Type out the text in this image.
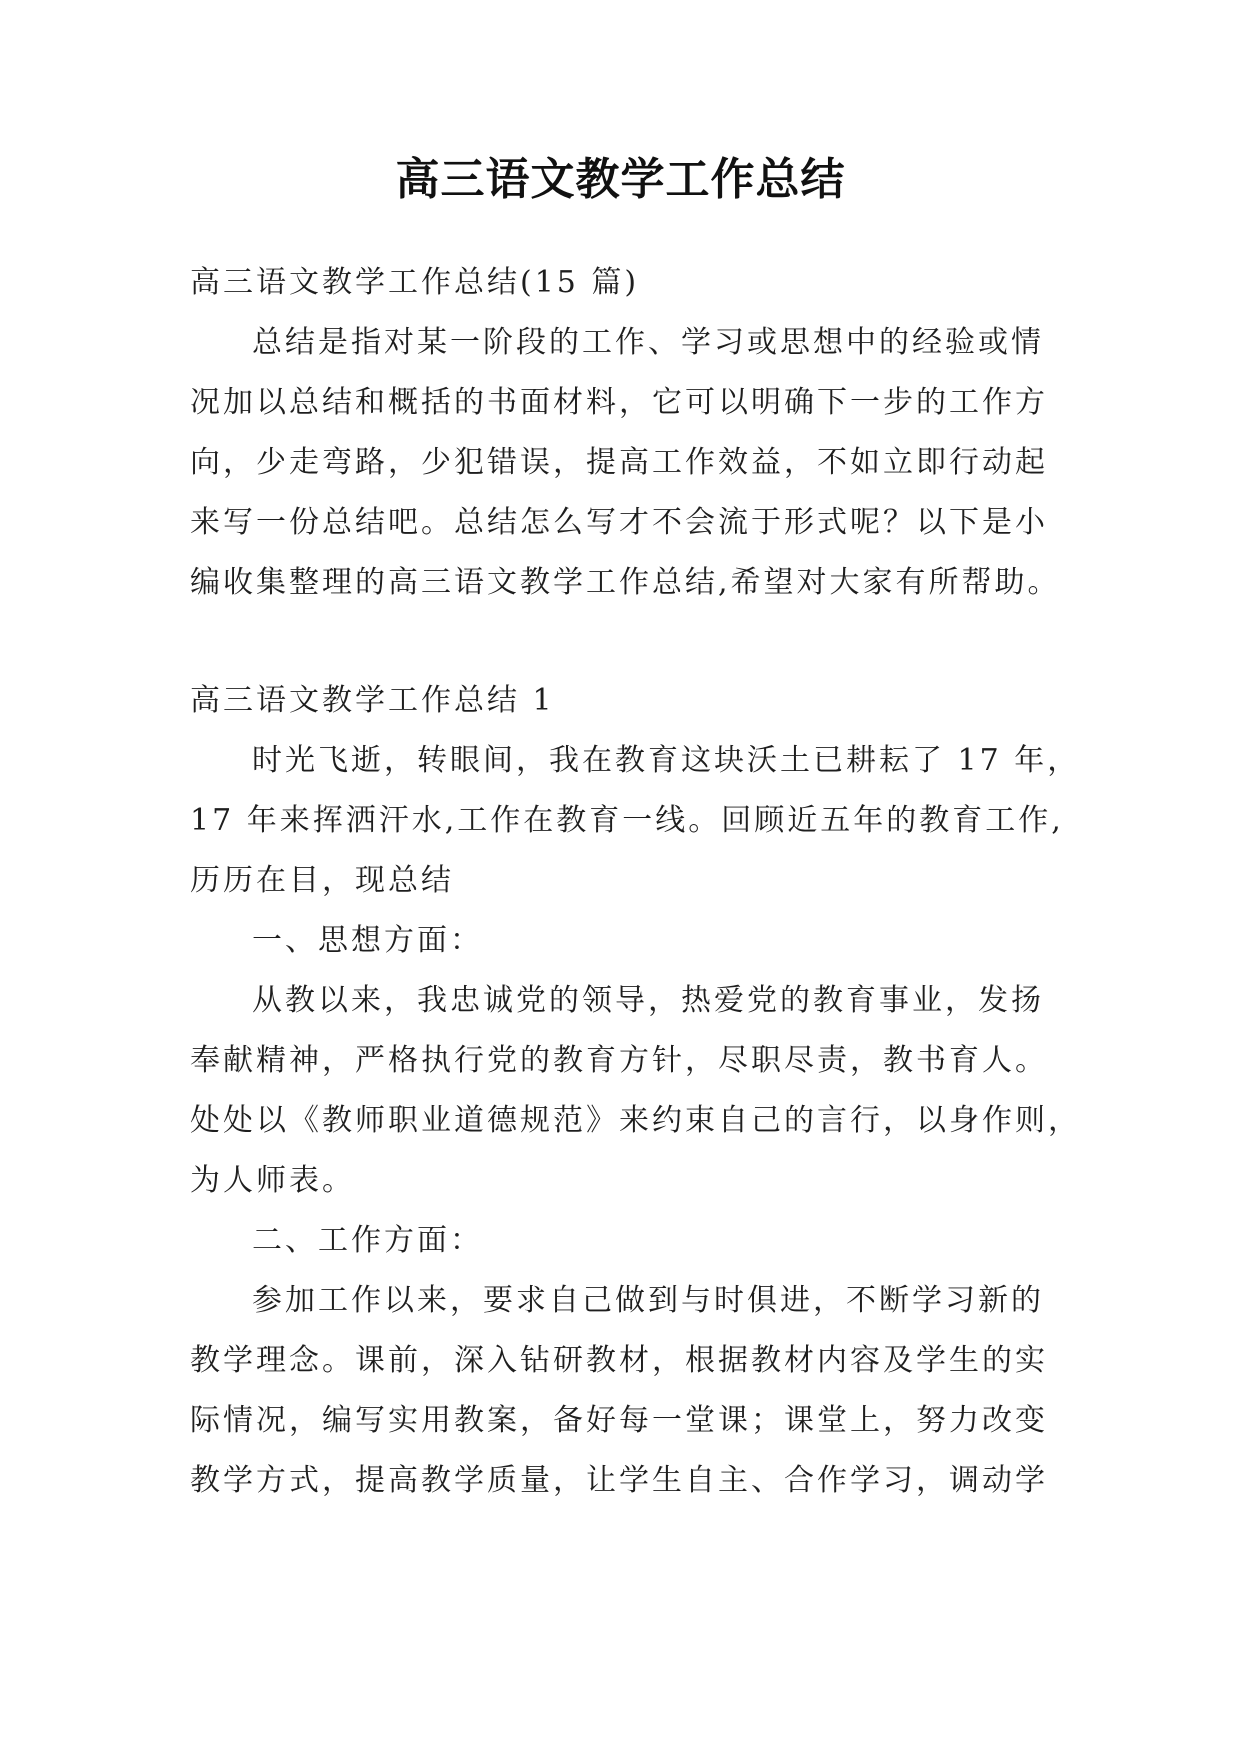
高三语文教学工作总结
高三语文教学工作总结(15 篇)
总结是指对某一阶段的工作、学习或思想中的经验或情
况加以总结和概括的书面材料，它可以明确下一步的工作方
向，少走弯路，少犯错误，提高工作效益，不如立即行动起
来写一份总结吧。总结怎么写才不会流于形式呢？以下是小
编收集整理的高三语文教学工作总结,希望对大家有所帮助。
高三语文教学工作总结 1
时光飞逝，转眼间，我在教育这块沃土已耕耘了 17 年，
17 年来挥洒汗水,工作在教育一线。回顾近五年的教育工作,
历历在目，现总结
一、思想方面：
从教以来，我忠诚党的领导，热爱党的教育事业，发扬
奉献精神，严格执行党的教育方针，尽职尽责，教书育人。
处处以《教师职业道德规范》来约束自己的言行，以身作则，
为人师表。
二、工作方面：
参加工作以来，要求自己做到与时俱进，不断学习新的
教学理念。课前，深入钻研教材，根据教材内容及学生的实
际情况，编写实用教案，备好每一堂课；课堂上，努力改变
教学方式，提高教学质量，让学生自主、合作学习，调动学
